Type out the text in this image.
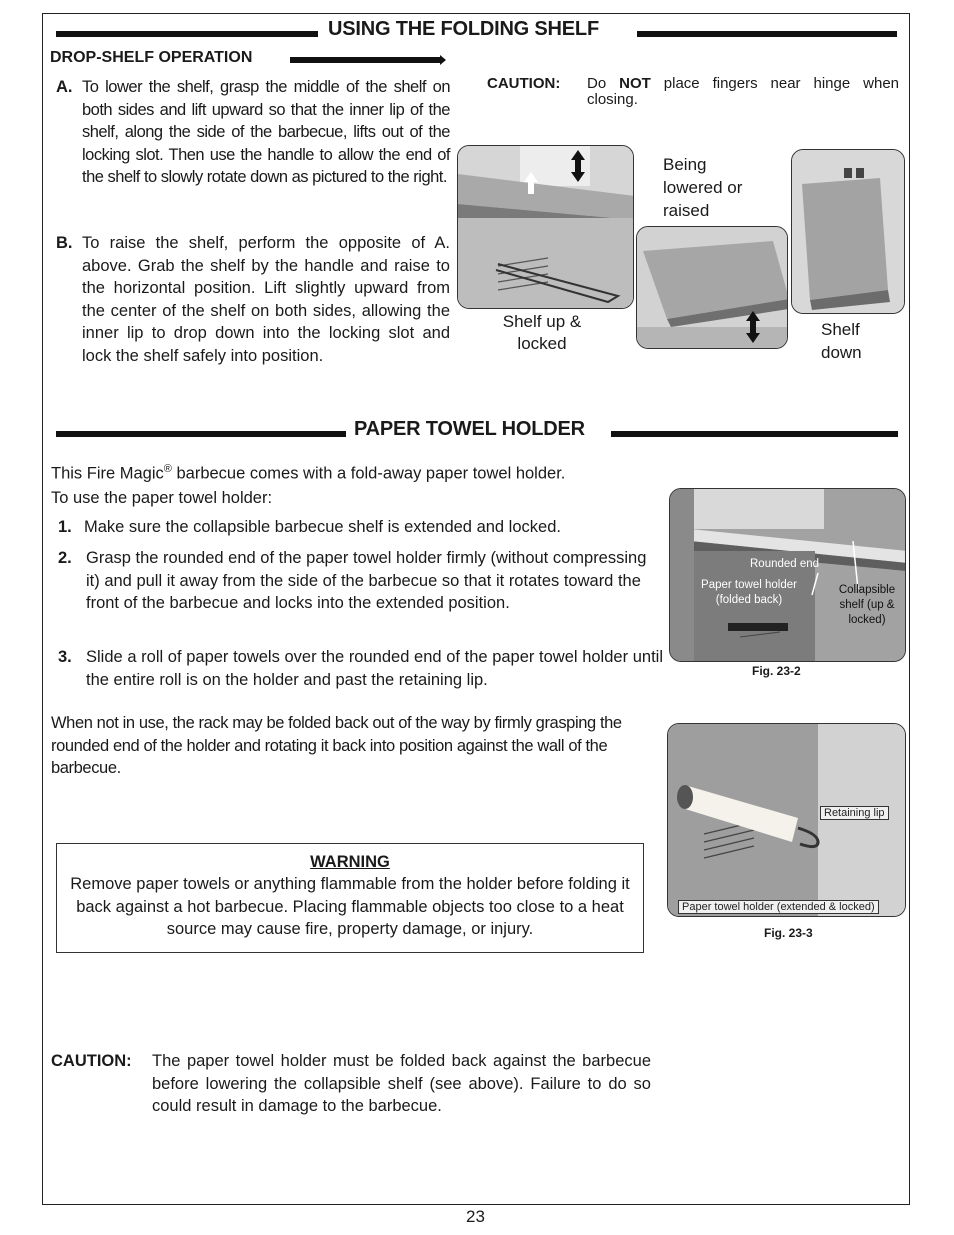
USING THE FOLDING SHELF
DROP-SHELF OPERATION
A. To lower the shelf, grasp the middle of the shelf on both sides and lift upward so that the inner lip of the shelf, along the side of the barbecue, lifts out of the locking slot. Then use the handle to allow the end of the shelf to slowly rotate down as pictured to the right.
B. To raise the shelf, perform the opposite of A. above. Grab the shelf by the handle and raise to the horizontal position. Lift slightly upward from the center of the shelf on both sides, allowing the inner lip to drop down into the locking slot and lock the shelf safely into position.
CAUTION: Do NOT place fingers near hinge when closing.
Shelf up & locked
Being lowered or raised
Shelf down
PAPER TOWEL HOLDER
This Fire Magic® barbecue comes with a fold-away paper towel holder.
To use the paper towel holder:
1. Make sure the collapsible barbecue shelf is extended and locked.
2. Grasp the rounded end of the paper towel holder firmly (without compressing it) and pull it away from the side of the barbecue so that it rotates toward the front of the barbecue and locks into the extended position.
3. Slide a roll of paper towels over the rounded end of the paper towel holder until the entire roll is on the holder and past the retaining lip.
When not in use, the rack may be folded back out of the way by firmly grasping the rounded end of the holder and rotating it back into position against the wall of the barbecue.
Rounded end
Paper towel holder (folded back)
Collapsible shelf (up & locked)
Fig. 23-2
Retaining lip
Paper towel holder (extended & locked)
Fig. 23-3
WARNING
Remove paper towels or anything flammable from the holder before folding it back against a hot barbecue. Placing flammable objects too close to a heat source may cause fire, property damage, or injury.
CAUTION: The paper towel holder must be folded back against the barbecue before lowering the collapsible shelf (see above). Failure to do so could result in damage to the barbecue.
23
